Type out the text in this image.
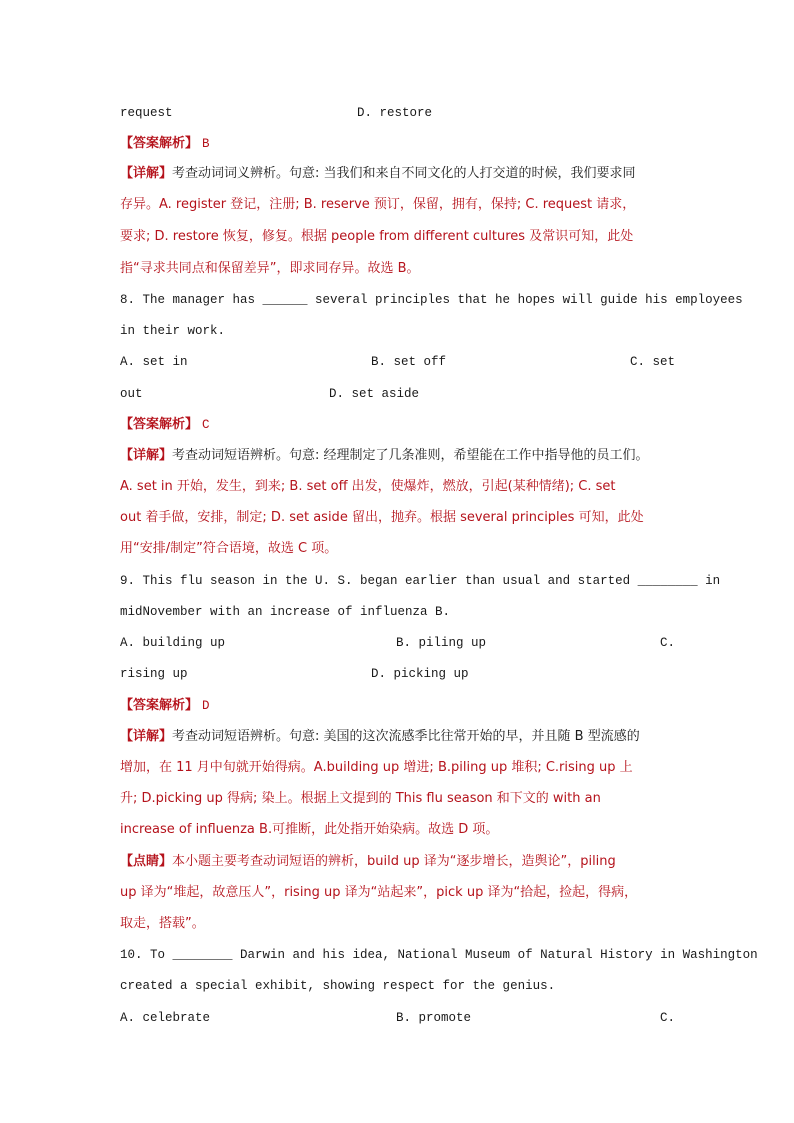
request	D. restore
【答案解析】 B
【详解】考查动词词义辨析。句意: 当我们和来自不同文化的人打交道的时候，我们要求同
存异。A. register 登记，注册; B. reserve 预订，保留，拥有，保持; C. request 请求，
要求; D. restore 恢复，修复。根据 people from different cultures 及常识可知，此处
指“寻求共同点和保留差异”，即求同存异。故选 B。
8. The manager has ______ several principles that he hopes will guide his employees
in their work.
A. set in	B. set off	C. set
out	D. set aside
【答案解析】 C
【详解】考查动词短语辨析。句意: 经理制定了几条准则，希望能在工作中指导他的员工们。
A. set in 开始，发生，到来; B. set off 出发，使爆炸，燃放，引起(某种情绪); C. set
out 着手做，安排，制定; D. set aside 留出，抛弃。根据 several principles 可知，此处
用“安排/制定”符合语境，故选 C 项。
9. This flu season in the U. S. began earlier than usual and started ________ in
midNovember with an increase of influenza B.
A. building up	B. piling up	C.
rising up	D. picking up
【答案解析】 D
【详解】考查动词短语辨析。句意: 美国的这次流感季比往常开始的早，并且随 B 型流感的
增加，在 11 月中旬就开始得病。A.building up 增进; B.piling up 堆积; C.rising up 上
升; D.picking up 得病; 染上。根据上文提到的 This flu season 和下文的 with an
increase of influenza B.可推断，此处指开始染病。故选 D 项。
【点睛】本小题主要考查动词短语的辨析，build up 译为“逐步增长，造舆论”，piling
up 译为“堆起，故意压人”，rising up 译为“站起来”，pick up 译为“拾起，捡起，得病，
取走，搭载”。
10. To ________ Darwin and his idea, National Museum of Natural History in Washington
created a special exhibit, showing respect for the genius.
A. celebrate	B. promote	C.
